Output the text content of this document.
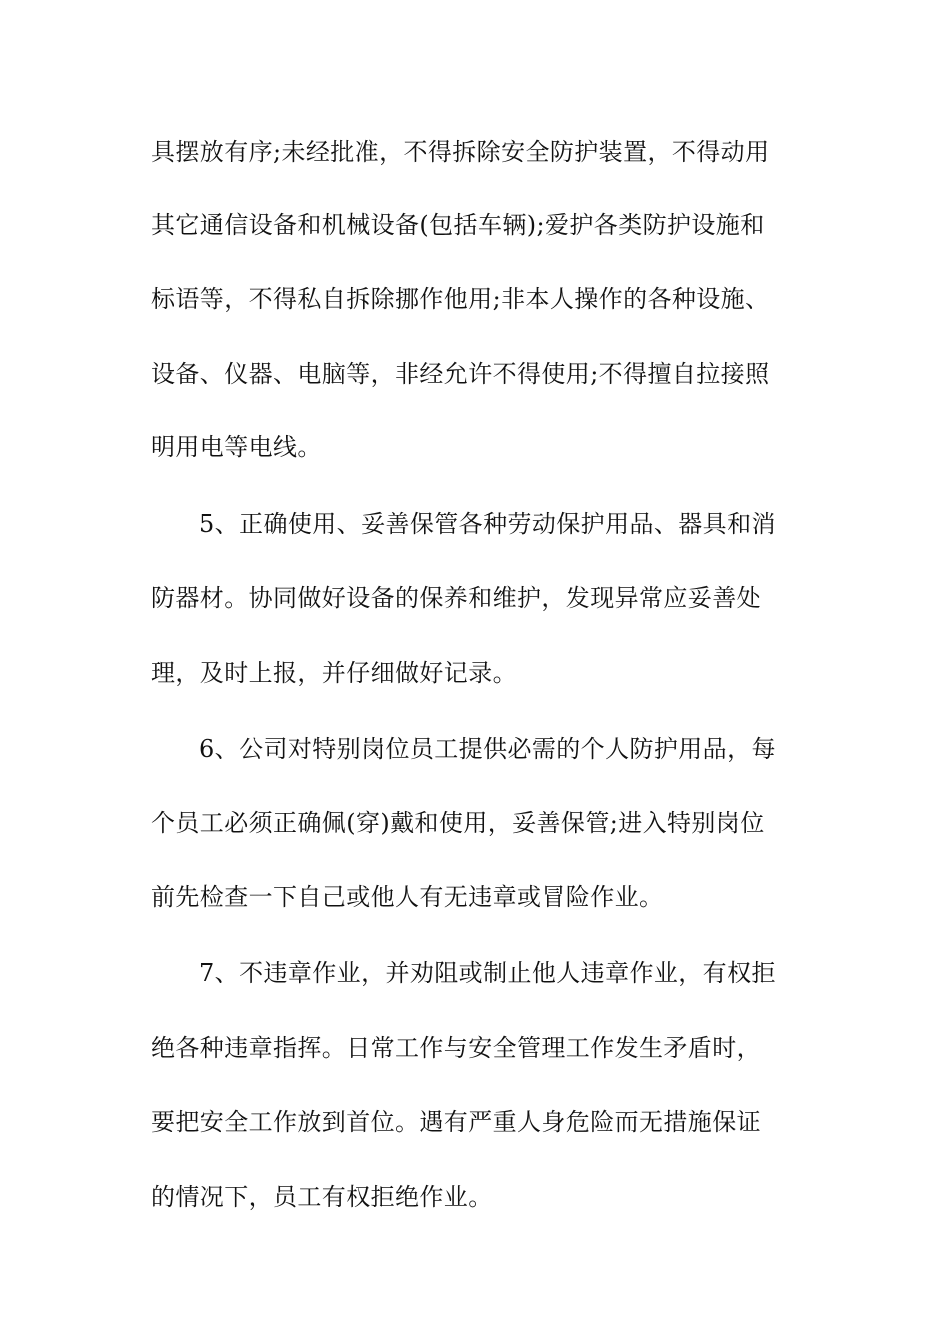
具摆放有序;未经批准，不得拆除安全防护装置，不得动用
其它通信设备和机械设备(包括车辆);爱护各类防护设施和
标语等，不得私自拆除挪作他用;非本人操作的各种设施、
设备、仪器、电脑等，非经允许不得使用;不得擅自拉接照
明用电等电线。
5、正确使用、妥善保管各种劳动保护用品、器具和消
防器材。协同做好设备的保养和维护，发现异常应妥善处
理，及时上报，并仔细做好记录。
6、公司对特别岗位员工提供必需的个人防护用品，每
个员工必须正确佩(穿)戴和使用，妥善保管;进入特别岗位
前先检查一下自己或他人有无违章或冒险作业。
7、不违章作业，并劝阻或制止他人违章作业，有权拒
绝各种违章指挥。日常工作与安全管理工作发生矛盾时，
要把安全工作放到首位。遇有严重人身危险而无措施保证
的情况下，员工有权拒绝作业。
